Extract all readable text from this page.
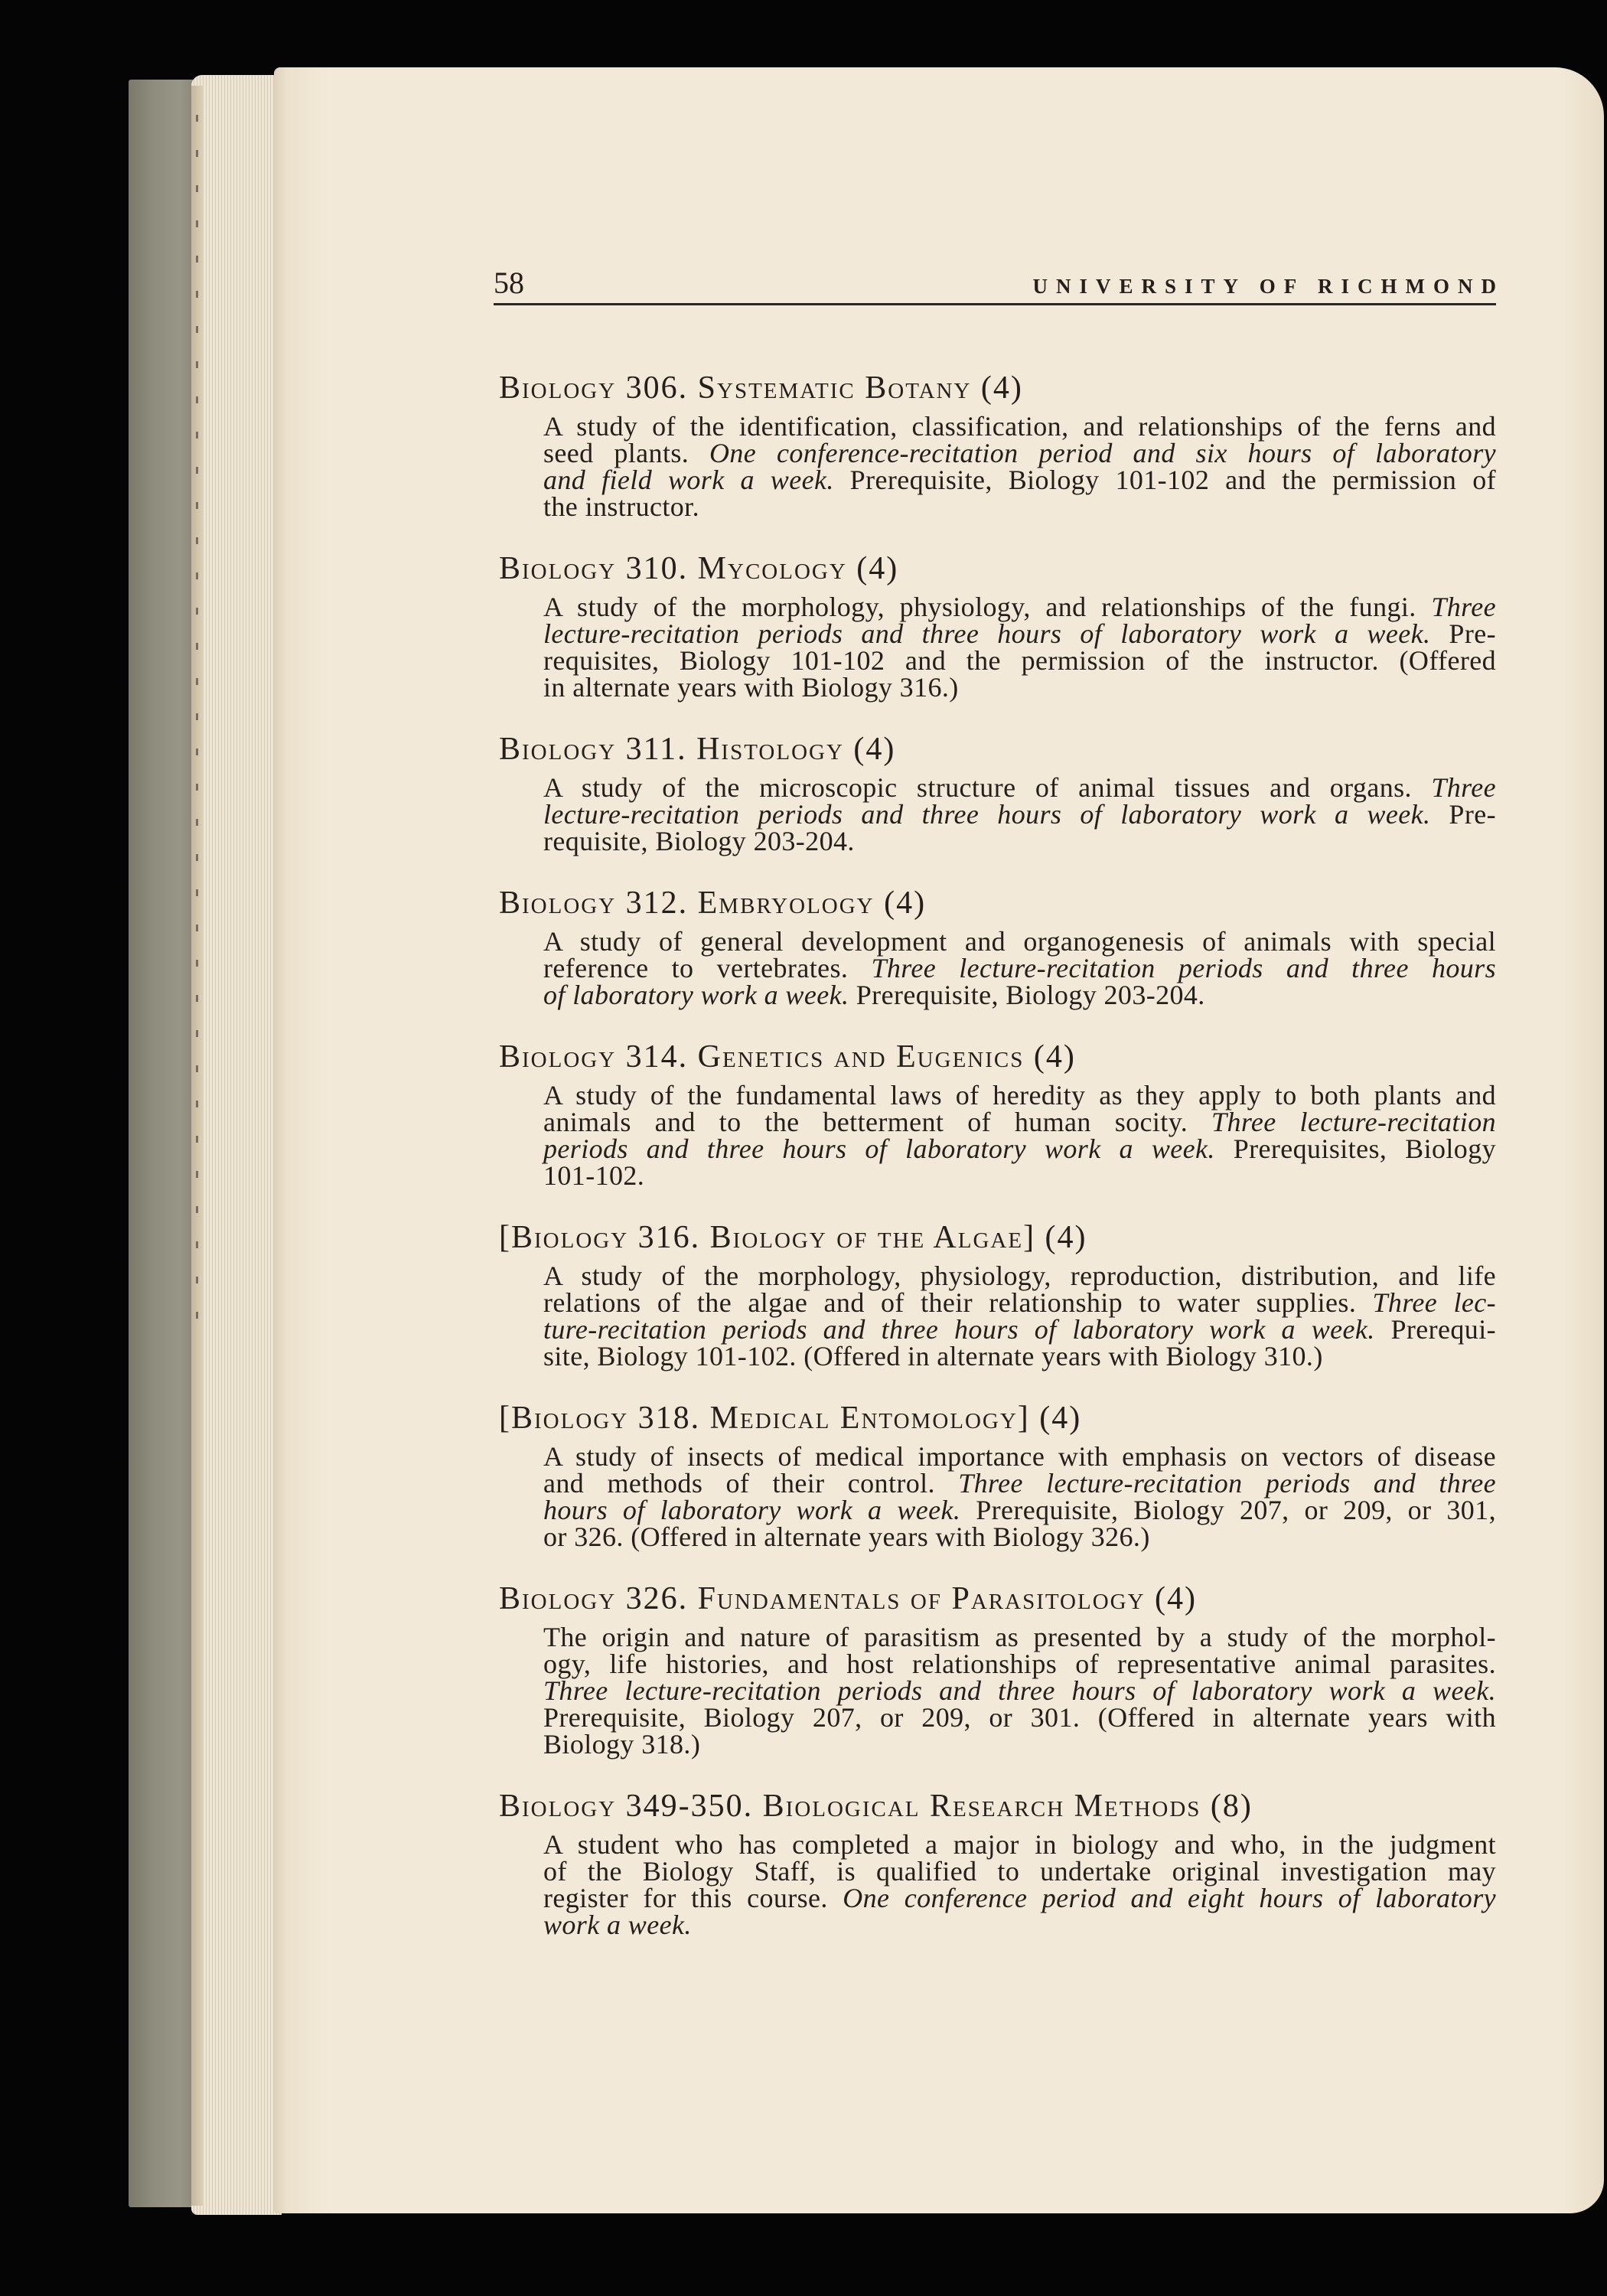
58	UNIVERSITY OF RICHMOND
Biology 306. Systematic Botany (4)
A study of the identification, classification, and relationships of the ferns and
seed plants. One conference-recitation period and six hours of laboratory
and field work a week. Prerequisite, Biology 101-102 and the permission of
the instructor.
Biology 310. Mycology (4)
A study of the morphology, physiology, and relationships of the fungi. Three
lecture-recitation periods and three hours of laboratory work a week. Pre-
requisites, Biology 101-102 and the permission of the instructor. (Offered
in alternate years with Biology 316.)
Biology 311. Histology (4)
A study of the microscopic structure of animal tissues and organs. Three
lecture-recitation periods and three hours of laboratory work a week. Pre-
requisite, Biology 203-204.
Biology 312. Embryology (4)
A study of general development and organogenesis of animals with special
reference to vertebrates. Three lecture-recitation periods and three hours
of laboratory work a week. Prerequisite, Biology 203-204.
Biology 314. Genetics and Eugenics (4)
A study of the fundamental laws of heredity as they apply to both plants and
animals and to the betterment of human socity. Three lecture-recitation
periods and three hours of laboratory work a week. Prerequisites, Biology
101-102.
[Biology 316. Biology of the Algae] (4)
A study of the morphology, physiology, reproduction, distribution, and life
relations of the algae and of their relationship to water supplies. Three lec-
ture-recitation periods and three hours of laboratory work a week. Prerequi-
site, Biology 101-102. (Offered in alternate years with Biology 310.)
[Biology 318. Medical Entomology] (4)
A study of insects of medical importance with emphasis on vectors of disease
and methods of their control. Three lecture-recitation periods and three
hours of laboratory work a week. Prerequisite, Biology 207, or 209, or 301,
or 326. (Offered in alternate years with Biology 326.)
Biology 326. Fundamentals of Parasitology (4)
The origin and nature of parasitism as presented by a study of the morphol-
ogy, life histories, and host relationships of representative animal parasites.
Three lecture-recitation periods and three hours of laboratory work a week.
Prerequisite, Biology 207, or 209, or 301. (Offered in alternate years with
Biology 318.)
Biology 349-350. Biological Research Methods (8)
A student who has completed a major in biology and who, in the judgment
of the Biology Staff, is qualified to undertake original investigation may
register for this course. One conference period and eight hours of laboratory
work a week.
